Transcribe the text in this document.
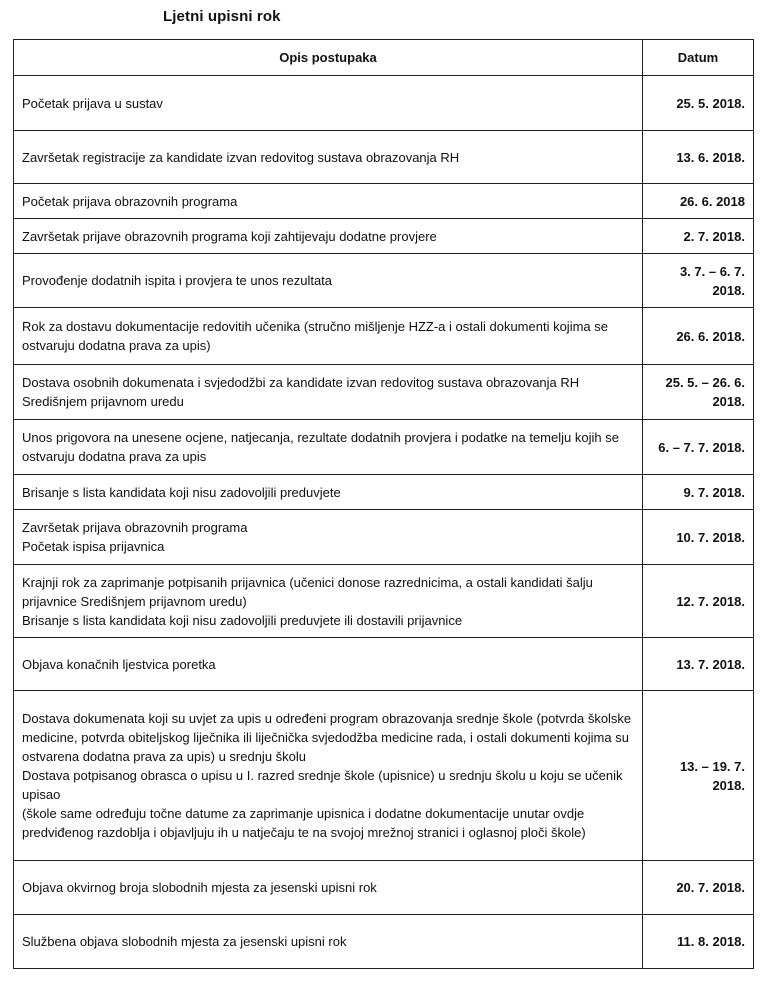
Ljetni upisni rok
Opis postupaka	Datum

Početak prijava u sustav	25. 5. 2018.

Završetak registracije za kandidate izvan redovitog sustava obrazovanja RH	13. 6. 2018.

Početak prijava obrazovnih programa	26. 6. 2018

Završetak prijave obrazovnih programa koji zahtijevaju dodatne provjere	2. 7. 2018.

Provođenje dodatnih ispita i provjera te unos rezultata	3. 7. – 6. 7. 2018.

Rok za dostavu dokumentacije redovitih učenika (stručno mišljenje HZZ-a i ostali dokumenti kojima se ostvaruju dodatna prava za upis)	26. 6. 2018.

Dostava osobnih dokumenata i svjedodžbi za kandidate izvan redovitog sustava obrazovanja RH Središnjem prijavnom uredu	25. 5. – 26. 6. 2018.

Unos prigovora na unesene ocjene, natjecanja, rezultate dodatnih provjera i podatke na temelju kojih se ostvaruju dodatna prava za upis	6. – 7. 7. 2018.

Brisanje s lista kandidata koji nisu zadovoljili preduvjete	9. 7. 2018.

Završetak prijava obrazovnih programa
Početak ispisa prijavnica	10. 7. 2018.

Krajnji rok za zaprimanje potpisanih prijavnica (učenici donose razrednicima, a ostali kandidati šalju prijavnice Središnjem prijavnom uredu)
Brisanje s lista kandidata koji nisu zadovoljili preduvjete ili dostavili prijavnice	12. 7. 2018.

Objava konačnih ljestvica poretka	13. 7. 2018.

Dostava dokumenata koji su uvjet za upis u određeni program obrazovanja srednje škole (potvrda školske medicine, potvrda obiteljskog liječnika ili liječnička svjedodžba medicine rada, i ostali dokumenti kojima su ostvarena dodatna prava za upis) u srednju školu
Dostava potpisanog obrasca o upisu u I. razred srednje škole (upisnice) u srednju školu u koju se učenik upisao
(škole same određuju točne datume za zaprimanje upisnica i dodatne dokumentacije unutar ovdje predviđenog razdoblja i objavljuju ih u natječaju te na svojoj mrežnoj stranici i oglasnoj ploči škole)	13. – 19. 7. 2018.

Objava okvirnog broja slobodnih mjesta za jesenski upisni rok	20. 7. 2018.

Službena objava slobodnih mjesta za jesenski upisni rok	11. 8. 2018.
